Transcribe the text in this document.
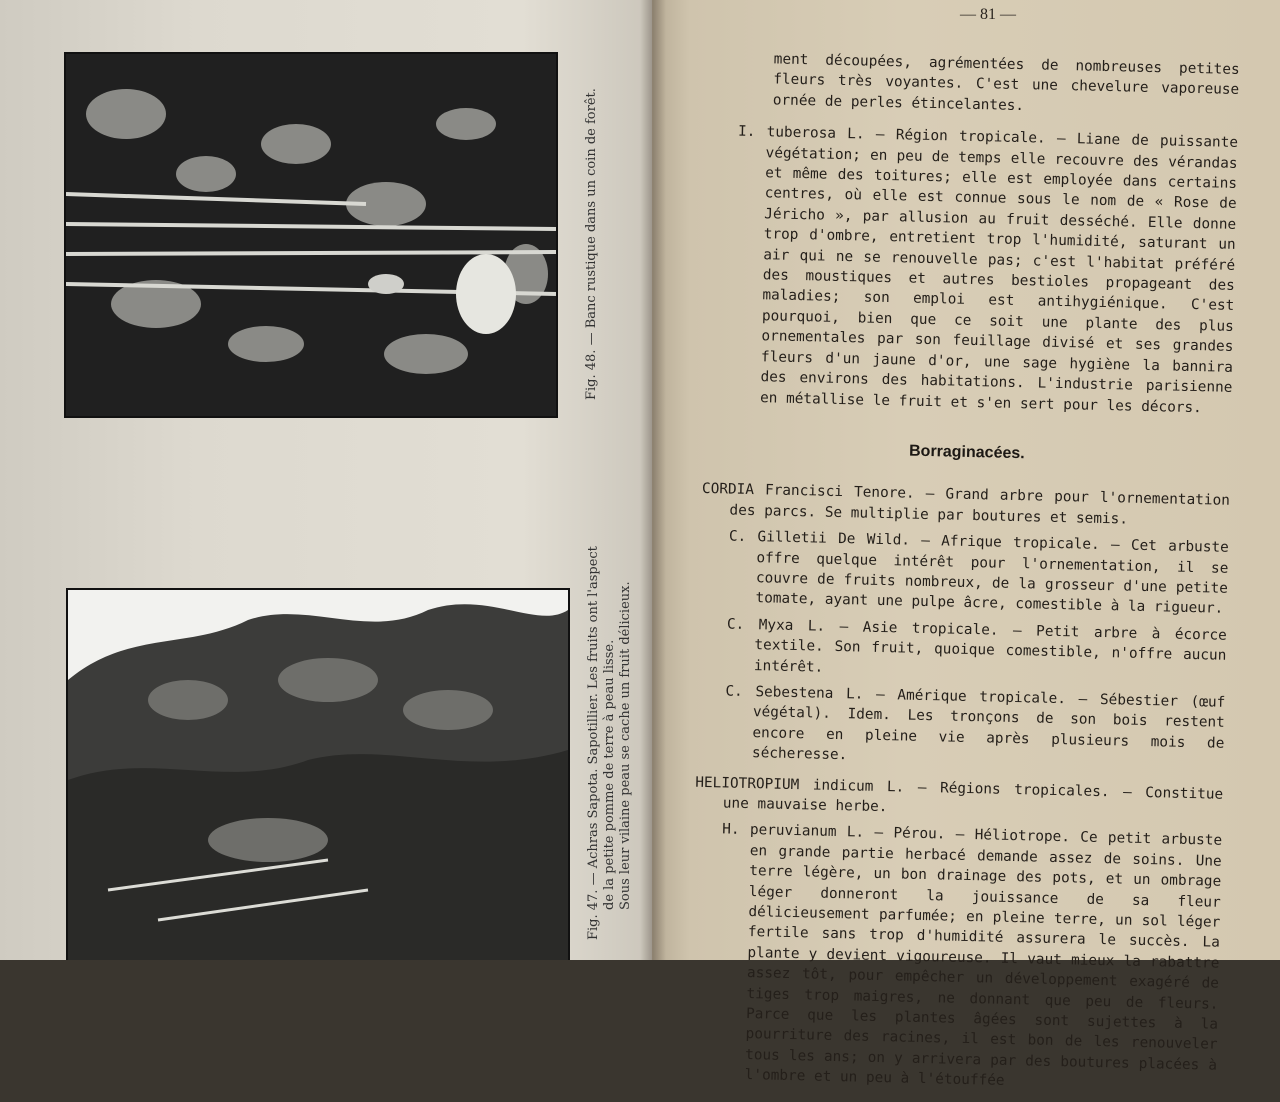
Fig. 48. — Banc rustique dans un coin de forêt.
Fig. 47. — Achras Sapota. Sapotillier. Les fruits ont l'aspect de la petite pomme de terre à peau lisse. Sous leur vilaine peau se cache un fruit délicieux.
— 81 —

ment découpées, agrémentées de nombreuses petites fleurs très voyantes. C'est une chevelure vaporeuse ornée de perles étincelantes.

I. tuberosa L. — Région tropicale. — Liane de puissante végétation; en peu de temps elle recouvre des vérandas et même des toitures; elle est employée dans certains centres, où elle est connue sous le nom de « Rose de Jéricho », par allusion au fruit desséché. Elle donne trop d'ombre, entretient trop l'humidité, saturant un air qui ne se renouvelle pas; c'est l'habitat préféré des moustiques et autres bestioles propageant des maladies; son emploi est antihygiénique. C'est pourquoi, bien que ce soit une plante des plus ornementales par son feuillage divisé et ses grandes fleurs d'un jaune d'or, une sage hygiène la bannira des environs des habitations. L'industrie parisienne en métallise le fruit et s'en sert pour les décors.

Borraginacées.

CORDIA Francisci Tenore. — Grand arbre pour l'ornementation des parcs. Se multiplie par boutures et semis.

C. Gilletii De Wild. — Afrique tropicale. — Cet arbuste offre quelque intérêt pour l'ornementation, il se couvre de fruits nombreux, de la grosseur d'une petite tomate, ayant une pulpe âcre, comestible à la rigueur.

C. Myxa L. — Asie tropicale. — Petit arbre à écorce textile. Son fruit, quoique comestible, n'offre aucun intérêt.

C. Sebestena L. — Amérique tropicale. — Sébestier (œuf végétal). Idem. Les tronçons de son bois restent encore en pleine vie après plusieurs mois de sécheresse.

HELIOTROPIUM indicum L. — Régions tropicales. — Constitue une mauvaise herbe.

H. peruvianum L. — Pérou. — Héliotrope. Ce petit arbuste en grande partie herbacé demande assez de soins. Une terre légère, un bon drainage des pots, et un ombrage léger donneront la jouissance de sa fleur délicieusement parfumée; en pleine terre, un sol léger fertile sans trop d'humidité assurera le succès. La plante y devient vigoureuse. Il vaut mieux la rabattre assez tôt, pour empêcher un développement exagéré de tiges trop maigres, ne donnant que peu de fleurs. Parce que les plantes âgées sont sujettes à la pourriture des racines, il est bon de les renouveler tous les ans; on y arrivera par des boutures placées à l'ombre et un peu à l'étouffée
